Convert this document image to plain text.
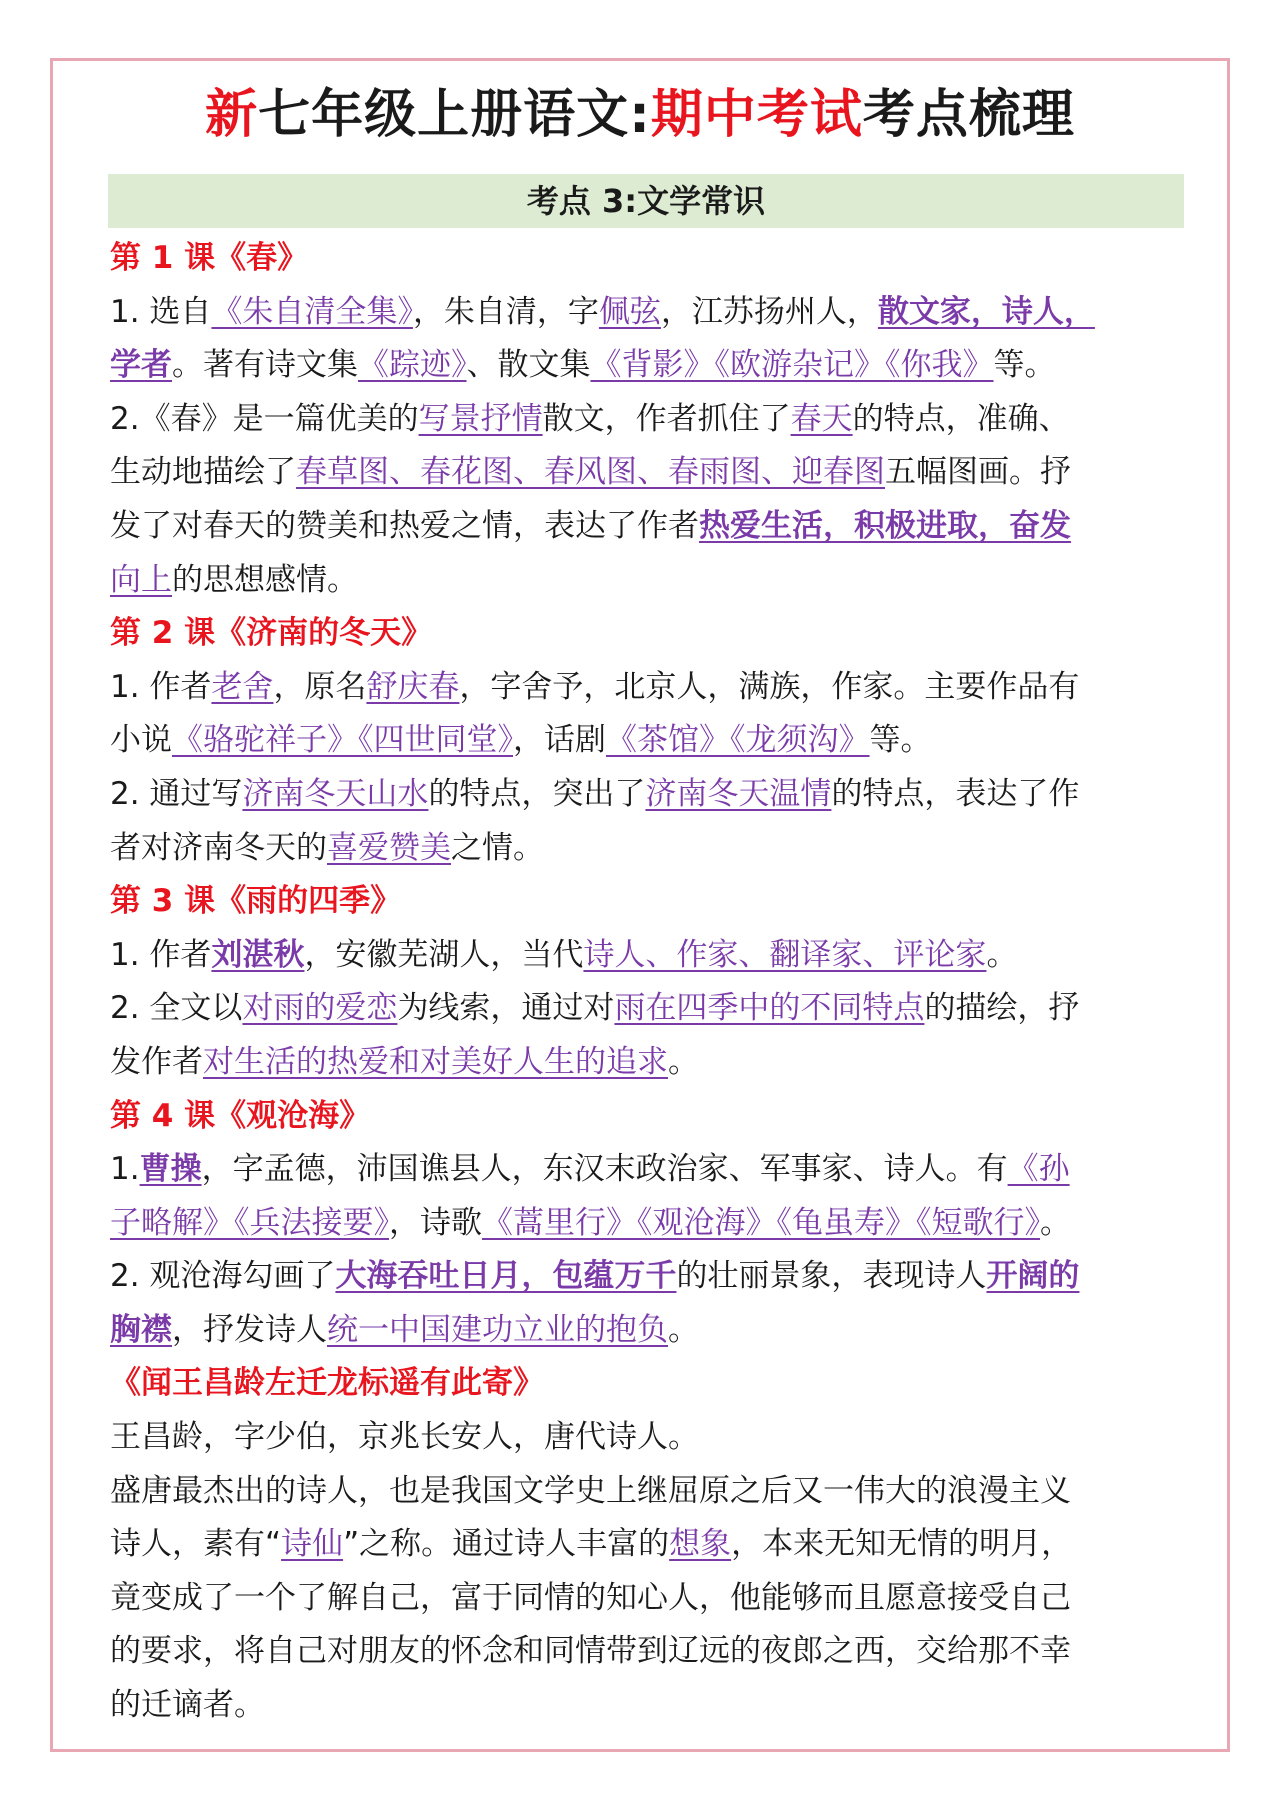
新七年级上册语文:期中考试考点梳理
考点 3:文学常识
第 1 课《春》
1. 选自《朱自清全集》，朱自清，字佩弦，江苏扬州人，散文家，诗人，
学者。著有诗文集《踪迹》、散文集《背影》《欧游杂记》《你我》等。
2.《春》是一篇优美的写景抒情散文，作者抓住了春天的特点，准确、
生动地描绘了春草图、春花图、春风图、春雨图、迎春图五幅图画。抒
发了对春天的赞美和热爱之情，表达了作者热爱生活，积极进取，奋发
向上的思想感情。
第 2 课《济南的冬天》
1. 作者老舍，原名舒庆春，字舍予，北京人，满族，作家。主要作品有
小说《骆驼祥子》《四世同堂》，话剧《茶馆》《龙须沟》等。
2. 通过写济南冬天山水的特点，突出了济南冬天温情的特点，表达了作
者对济南冬天的喜爱赞美之情。
第 3 课《雨的四季》
1. 作者刘湛秋，安徽芜湖人，当代诗人、作家、翻译家、评论家。
2. 全文以对雨的爱恋为线索，通过对雨在四季中的不同特点的描绘，抒
发作者对生活的热爱和对美好人生的追求。
第 4 课《观沧海》
1.曹操，字孟德，沛国谯县人，东汉末政治家、军事家、诗人。有《孙
子略解》《兵法接要》，诗歌《蒿里行》《观沧海》《龟虽寿》《短歌行》。
2. 观沧海勾画了大海吞吐日月，包蕴万千的壮丽景象，表现诗人开阔的
胸襟，抒发诗人统一中国建功立业的抱负。
《闻王昌龄左迁龙标遥有此寄》
王昌龄，字少伯，京兆长安人，唐代诗人。
盛唐最杰出的诗人，也是我国文学史上继屈原之后又一伟大的浪漫主义
诗人，素有“诗仙”之称。通过诗人丰富的想象，本来无知无情的明月，
竟变成了一个了解自己，富于同情的知心人，他能够而且愿意接受自己
的要求，将自己对朋友的怀念和同情带到辽远的夜郎之西，交给那不幸
的迁谪者。
